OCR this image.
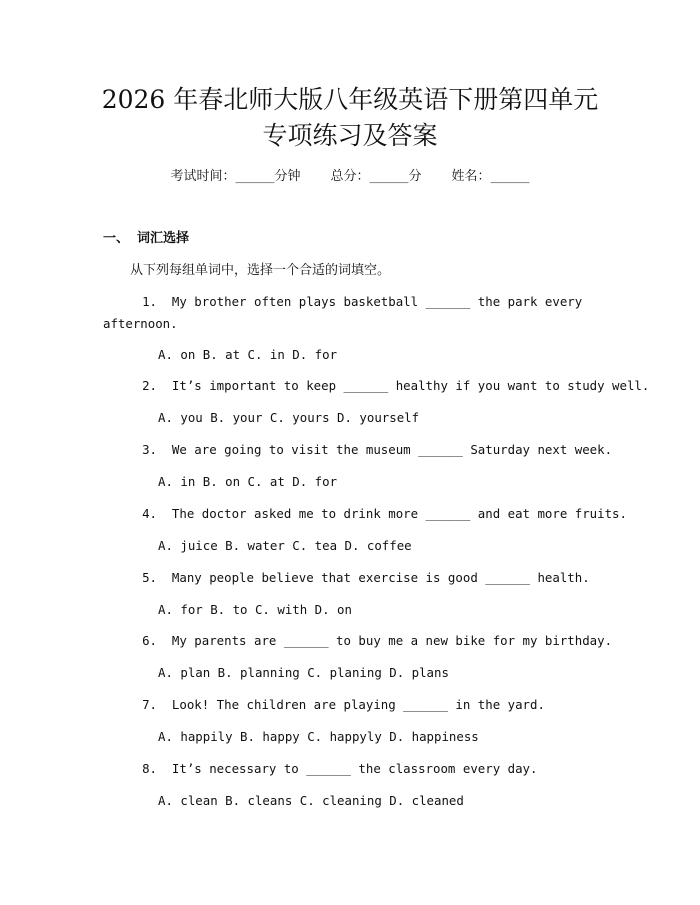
2026 年春北师大版八年级英语下册第四单元
专项练习及答案
考试时间：______分钟 总分：______分 姓名：______
一、 词汇选择
从下列每组单词中，选择一个合适的词填空。
1. My brother often plays basketball ______ the park every
afternoon.
A. on B. at C. in D. for
2. It’s important to keep ______ healthy if you want to study well.
A. you B. your C. yours D. yourself
3. We are going to visit the museum ______ Saturday next week.
A. in B. on C. at D. for
4. The doctor asked me to drink more ______ and eat more fruits.
A. juice B. water C. tea D. coffee
5. Many people believe that exercise is good ______ health.
A. for B. to C. with D. on
6. My parents are ______ to buy me a new bike for my birthday.
A. plan B. planning C. planing D. plans
7. Look! The children are playing ______ in the yard.
A. happily B. happy C. happyly D. happiness
8. It’s necessary to ______ the classroom every day.
A. clean B. cleans C. cleaning D. cleaned
